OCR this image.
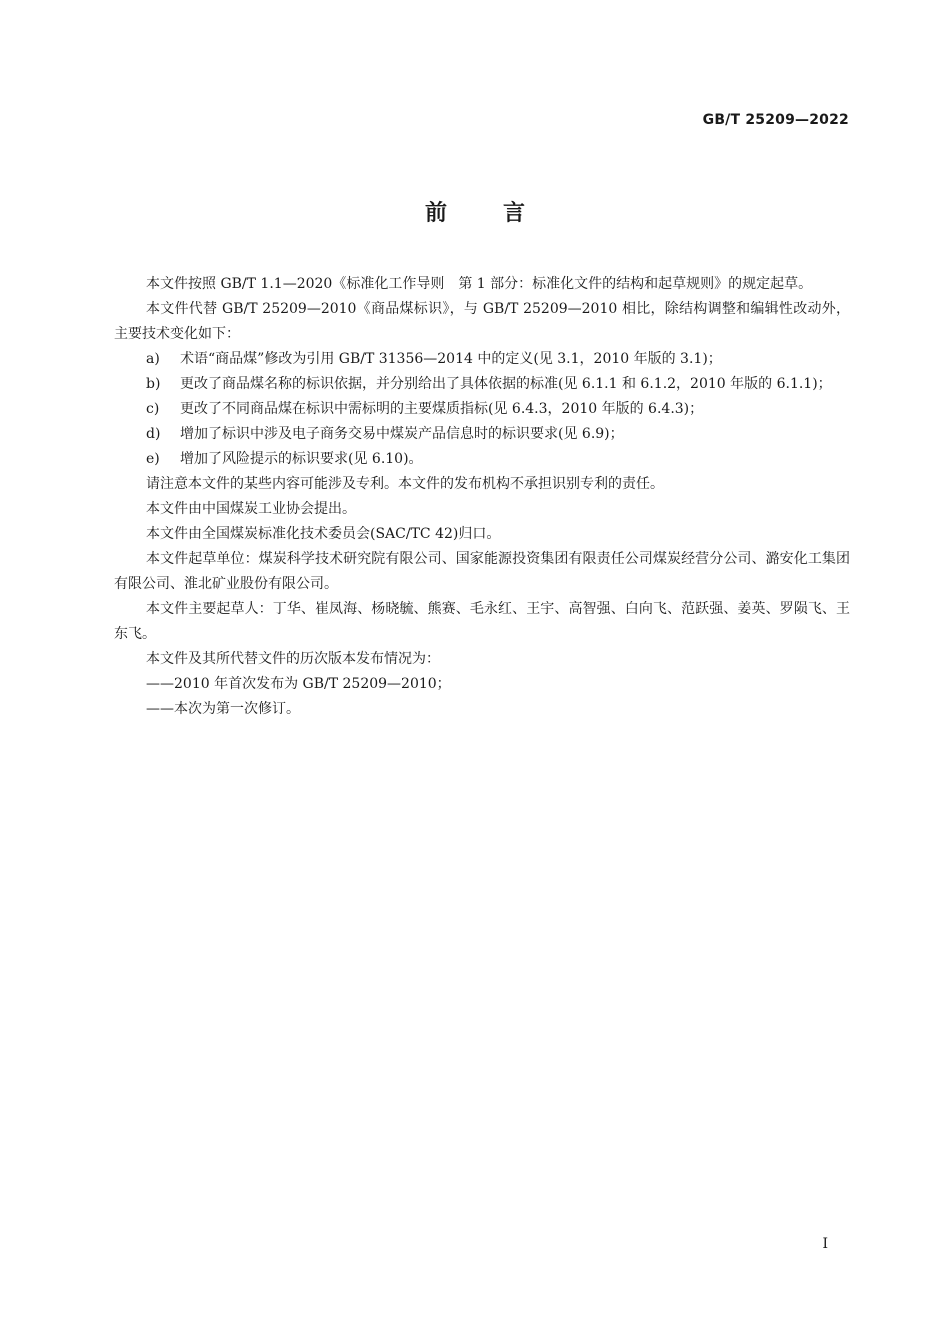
GB/T 25209—2022
前言

本文件按照 GB/T 1.1—2020《标准化工作导则　第 1 部分：标准化文件的结构和起草规则》的规定起草。

本文件代替 GB/T 25209—2010《商品煤标识》，与 GB/T 25209—2010 相比，除结构调整和编辑性改动外，主要技术变化如下：

a)	术语“商品煤”修改为引用 GB/T 31356—2014 中的定义(见 3.1，2010 年版的 3.1)；
b)	更改了商品煤名称的标识依据，并分别给出了具体依据的标准(见 6.1.1 和 6.1.2，2010 年版的 6.1.1)；
c)	更改了不同商品煤在标识中需标明的主要煤质指标(见 6.4.3，2010 年版的 6.4.3)；
d)	增加了标识中涉及电子商务交易中煤炭产品信息时的标识要求(见 6.9)；
e)	增加了风险提示的标识要求(见 6.10)。

请注意本文件的某些内容可能涉及专利。本文件的发布机构不承担识别专利的责任。

本文件由中国煤炭工业协会提出。

本文件由全国煤炭标准化技术委员会(SAC/TC 42)归口。

本文件起草单位：煤炭科学技术研究院有限公司、国家能源投资集团有限责任公司煤炭经营分公司、潞安化工集团有限公司、淮北矿业股份有限公司。

本文件主要起草人：丁华、崔凤海、杨晓毓、熊赛、毛永红、王宇、高智强、白向飞、范跃强、姜英、罗陨飞、王东飞。

本文件及其所代替文件的历次版本发布情况为：

——2010 年首次发布为 GB/T 25209—2010；

——本次为第一次修订。

I
